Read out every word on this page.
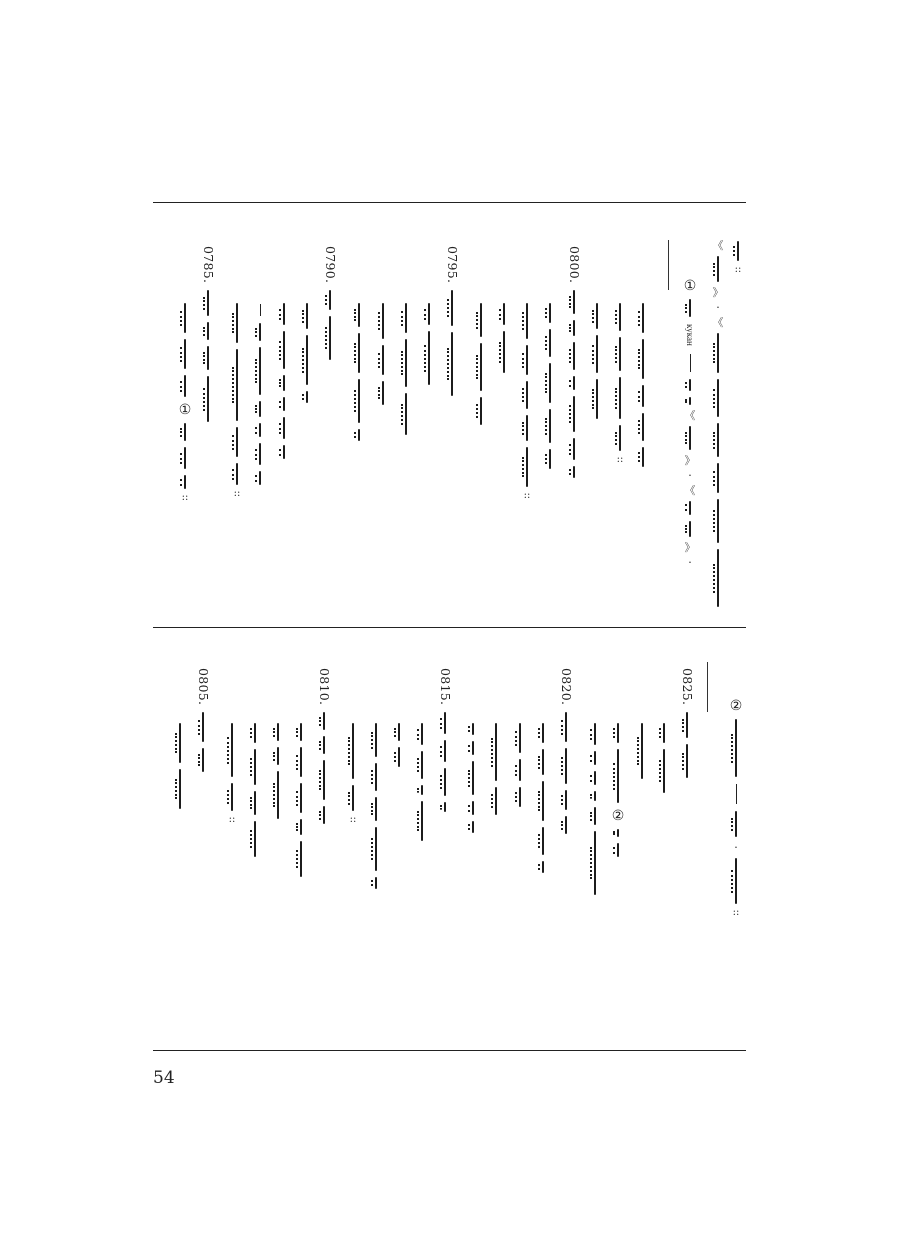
::
《
》
·
《
①
кукан
《
》
·
《
》
·
::
0800.
::
0795.
0790.
::
0785.
①
::
②
·
::
0825.
②
0820.
0815.
::
0810.
::
0805.
54
